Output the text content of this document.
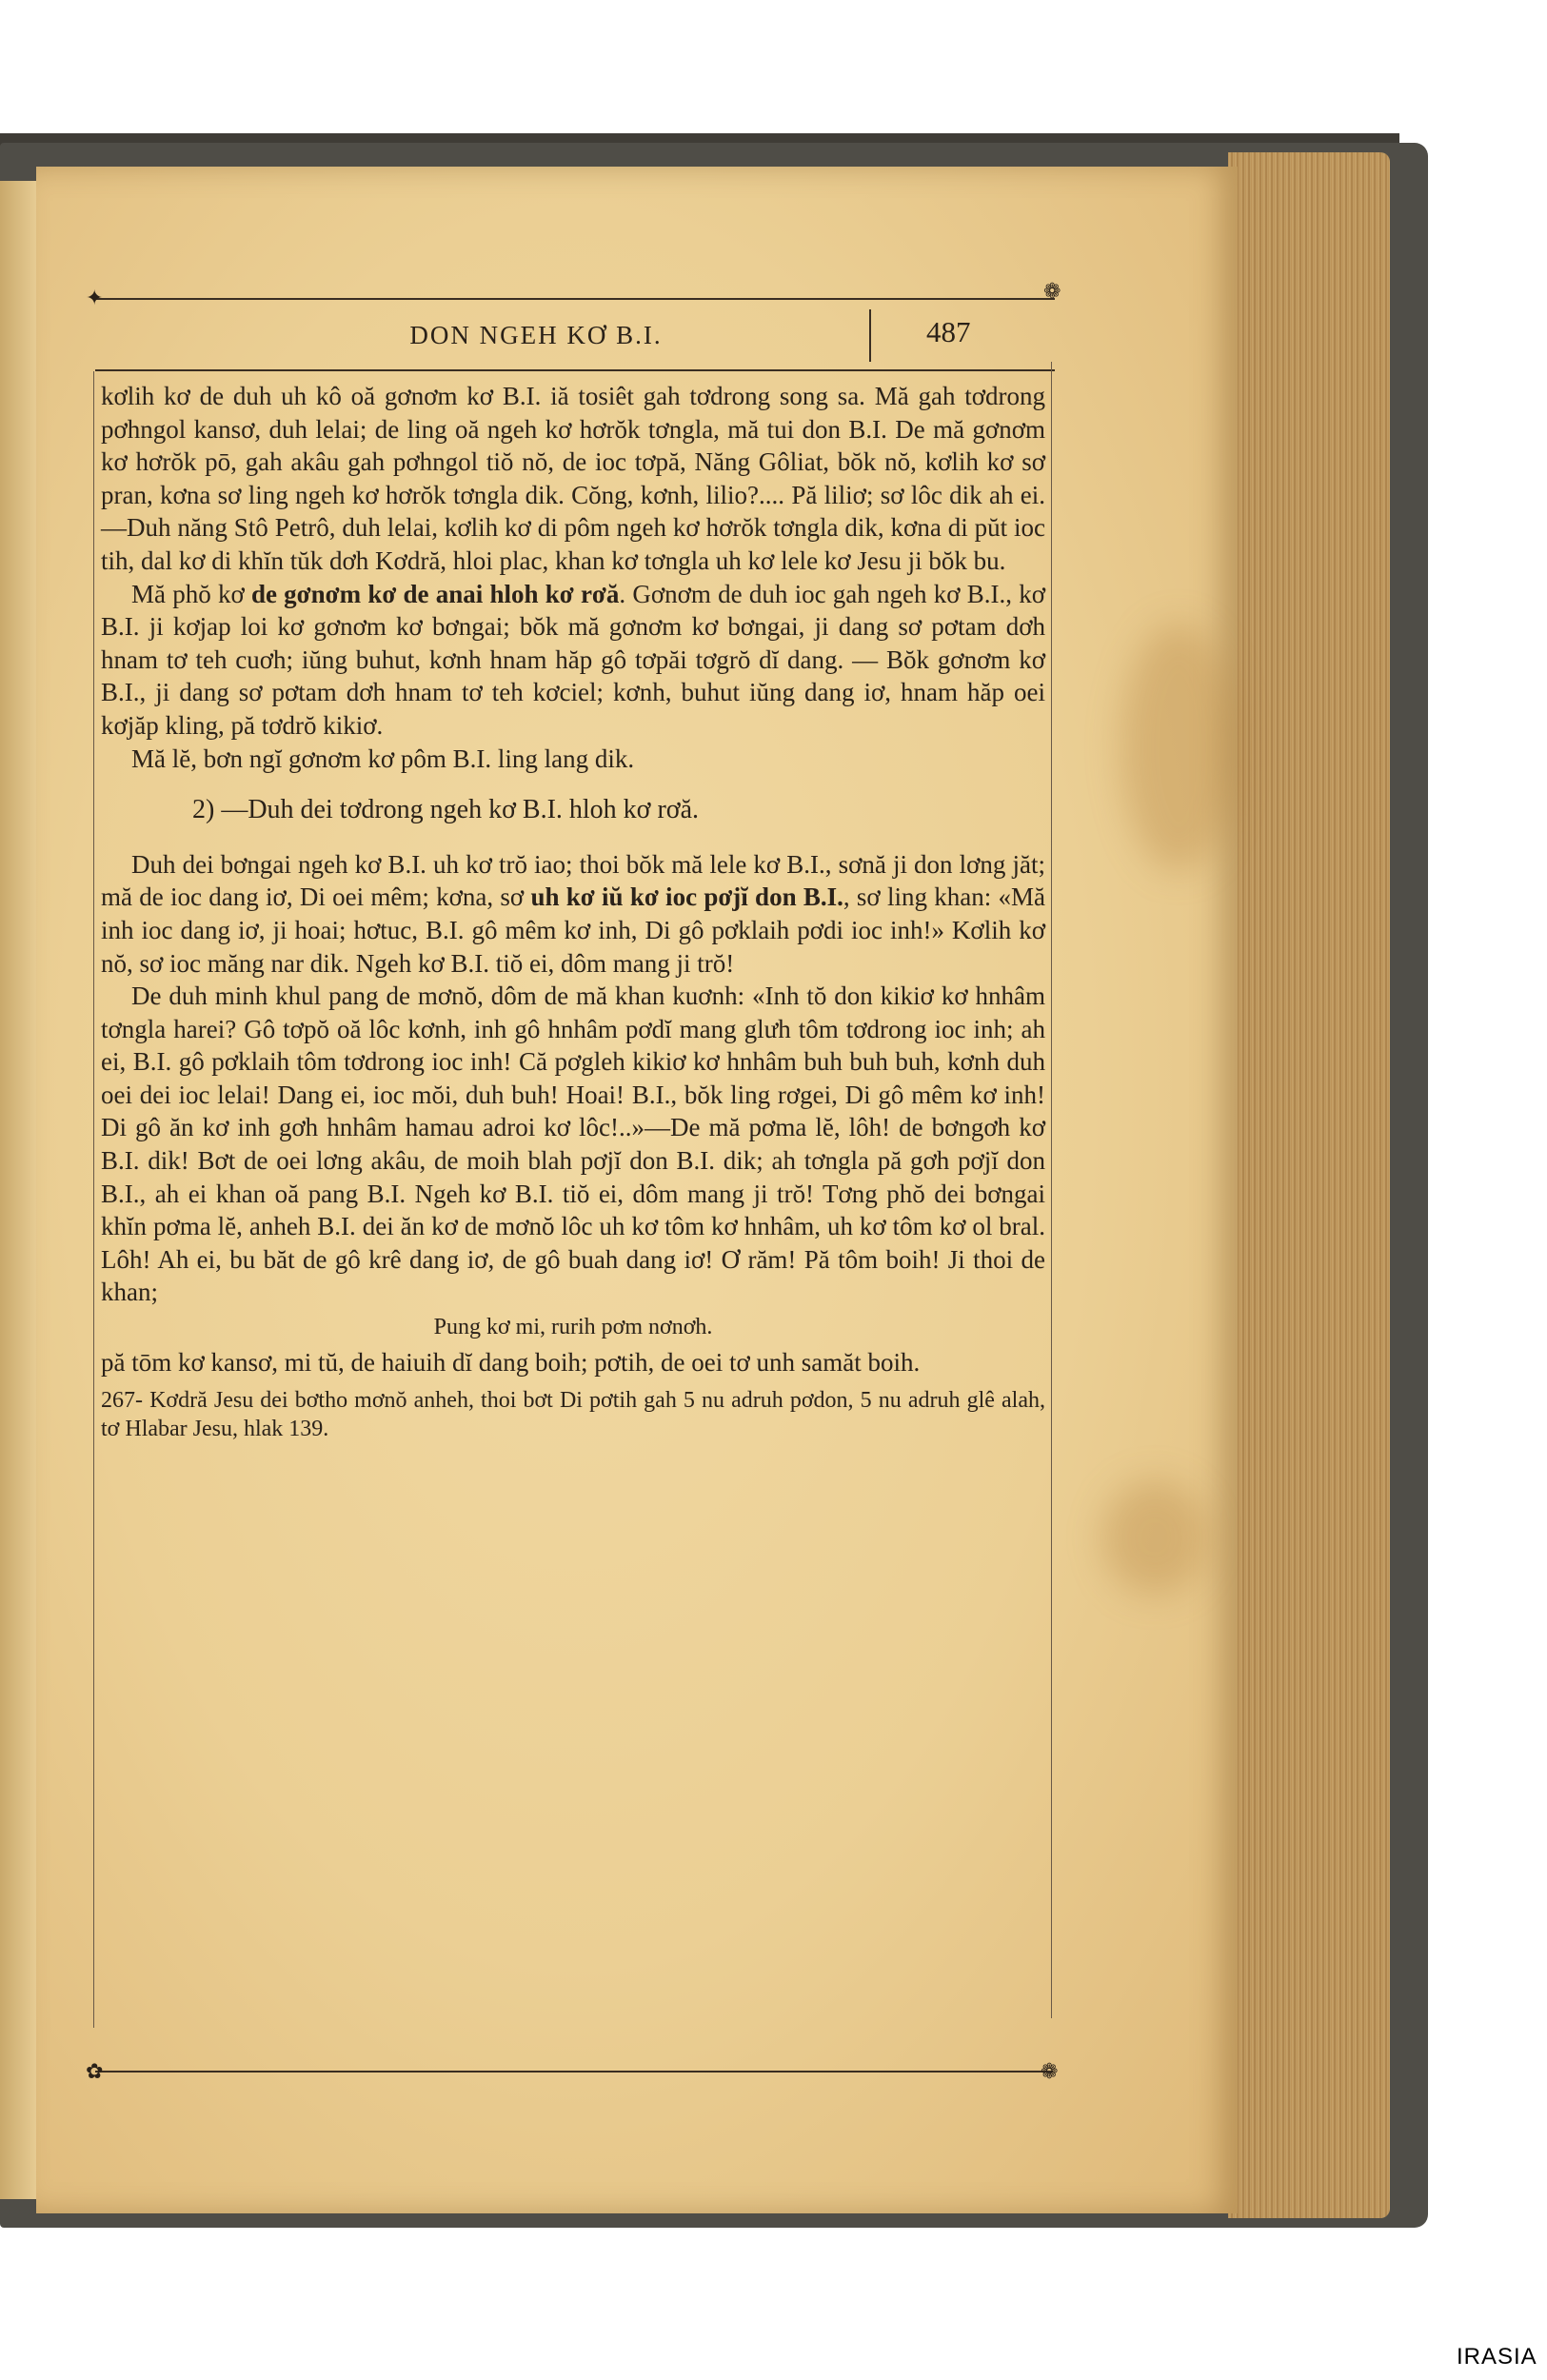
✦	❁
DON NGEH KƠ B.I.	487

kơlih kơ de duh uh kô oă gơnơm kơ B.I. iă tosiêt gah tơdrong song sa. Mă gah tơdrong pơhngol kansơ, duh lelai; de ling oă ngeh kơ hơrŏk tơngla, mă tui don B.I. De mă gơnơm kơ hơrŏk pō, gah akâu gah pơhngol tiŏ nŏ, de ioc tơpă, Năng Gôliat, bŏk nŏ, kơlih kơ sơ pran, kơna sơ ling ngeh kơ hơrŏk tơngla dik. Cŏng, kơnh, lilio?.... Pă liliơ; sơ lôc dik ah ei.—Duh năng Stô Petrô, duh lelai, kơlih kơ di pôm ngeh kơ hơrŏk tơngla dik, kơna di pŭt ioc tih, dal kơ di khĭn tŭk dơh Kơdră, hloi plac, khan kơ tơngla uh kơ lele kơ Jesu ji bŏk bu.

Mă phŏ kơ de gơnơm kơ de anai hloh kơ rơă. Gơnơm de duh ioc gah ngeh kơ B.I., kơ B.I. ji kơjap loi kơ gơnơm kơ bơngai; bŏk mă gơnơm kơ bơngai, ji dang sơ pơtam dơh hnam tơ teh cuơh; iŭng buhut, kơnh hnam hăp gô tơpăi tơgrŏ dĭ dang. — Bŏk gơnơm kơ B.I., ji dang sơ pơtam dơh hnam tơ teh kơciel; kơnh, buhut iŭng dang iơ, hnam hăp oei kơjăp kling, pă tơdrŏ kikiơ.

Mă lĕ, bơn ngĭ gơnơm kơ pôm B.I. ling lang dik.

2) —Duh dei tơdrong ngeh kơ B.I. hloh kơ rơă.

Duh dei bơngai ngeh kơ B.I. uh kơ trŏ iao; thoi bŏk mă lele kơ B.I., sơnă ji don lơng jăt; mă de ioc dang iơ, Di oei mêm; kơna, sơ uh kơ iŭ kơ ioc pơjĭ don B.I., sơ ling khan: «Mă inh ioc dang iơ, ji hoai; hơtuc, B.I. gô mêm kơ inh, Di gô pơklaih pơdi ioc inh!» Kơlih kơ nŏ, sơ ioc măng nar dik. Ngeh kơ B.I. tiŏ ei, dôm mang ji trŏ!

De duh minh khul pang de mơnŏ, dôm de mă khan kuơnh: «Inh tŏ don kikiơ kơ hnhâm tơngla harei? Gô tơpŏ oă lôc kơnh, inh gô hnhâm pơdĭ mang glưh tôm tơdrong ioc inh; ah ei, B.I. gô pơklaih tôm tơdrong ioc inh! Că pơgleh kikiơ kơ hnhâm buh buh buh, kơnh duh oei dei ioc lelai! Dang ei, ioc mŏi, duh buh! Hoai! B.I., bŏk ling rơgei, Di gô mêm kơ inh! Di gô ăn kơ inh gơh hnhâm hamau adroi kơ lôc!..»—De mă pơma lĕ, lôh! de bơngơh kơ B.I. dik! Bơt de oei lơng akâu, de moih blah pơjĭ don B.I. dik; ah tơngla pă gơh pơjĭ don B.I., ah ei khan oă pang B.I. Ngeh kơ B.I. tiŏ ei, dôm mang ji trŏ! Tơng phŏ dei bơngai khĭn pơma lĕ, anheh B.I. dei ăn kơ de mơnŏ lôc uh kơ tôm kơ hnhâm, uh kơ tôm kơ ol bral. Lôh! Ah ei, bu băt de gô krê dang iơ, de gô buah dang iơ! Ơ răm! Pă tôm boih! Ji thoi de khan;

Pung kơ mi, rurih pơm nơnơh.

pă tōm kơ kansơ, mi tŭ, de haiuih dĭ dang boih; pơtih, de oei tơ unh samăt boih.

267- Kơdră Jesu dei bơtho mơnŏ anheh, thoi bơt Di pơtih gah 5 nu adruh pơdon, 5 nu adruh glê alah, tơ Hlabar Jesu, hlak 139.

✿	❁
IRASIA
